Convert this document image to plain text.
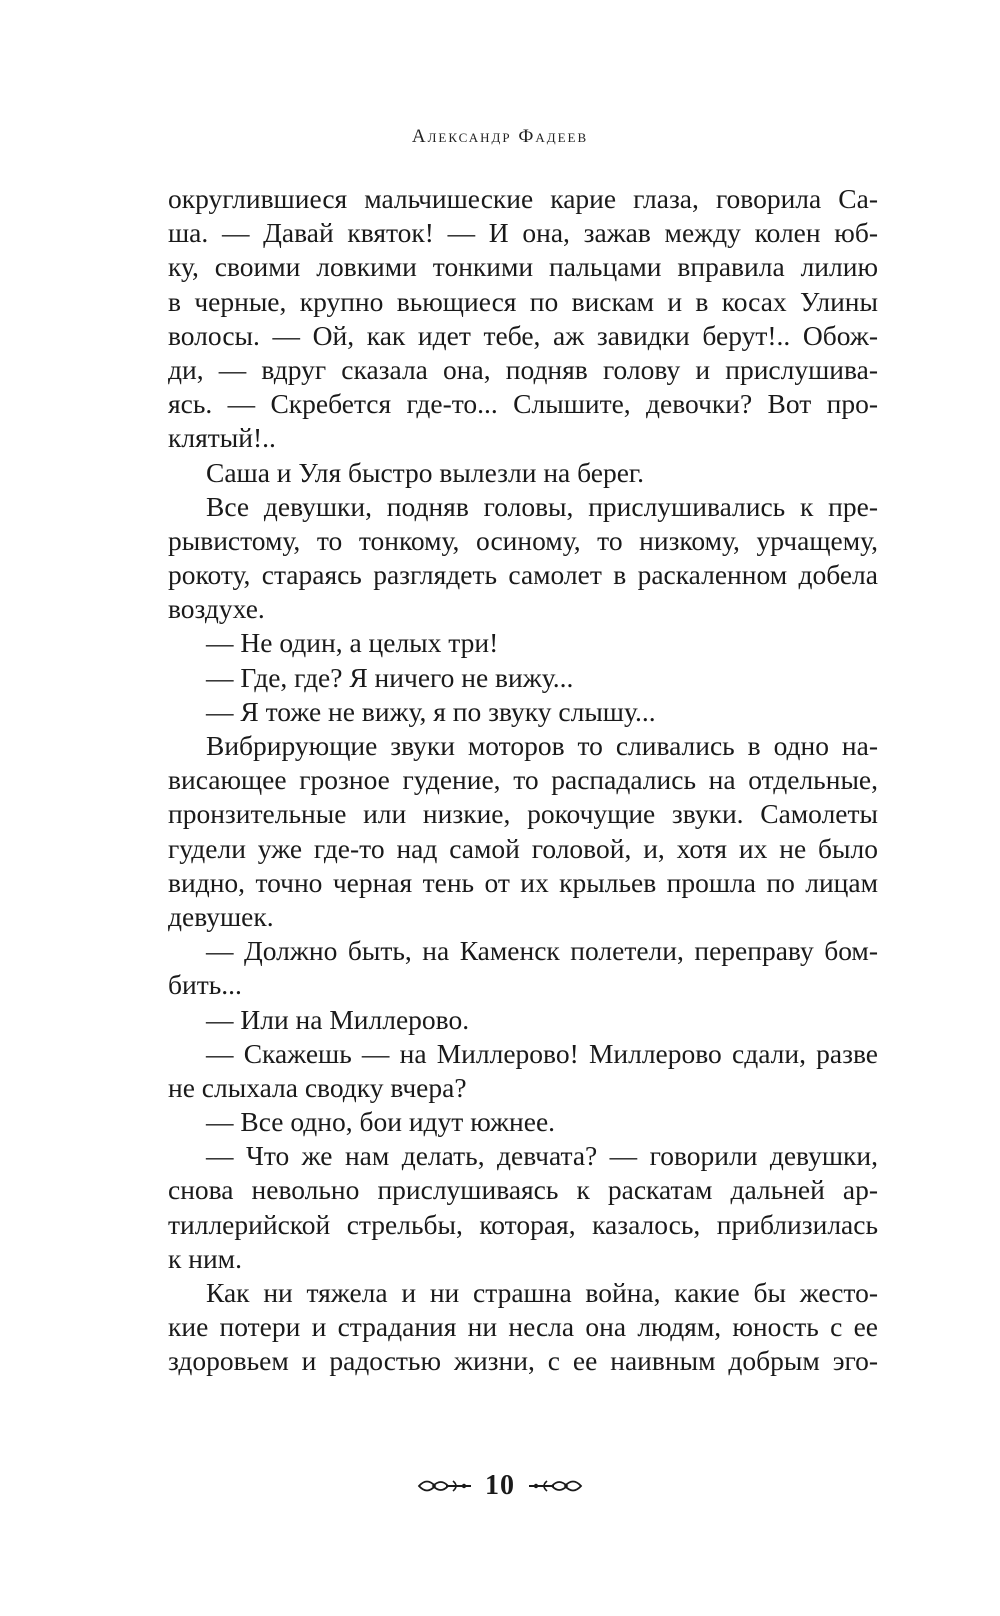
Александр Фадеев
округлившиеся мальчишеские карие глаза, говорила Са-
ша. — Давай квяток! — И она, зажав между колен юб-
ку, своими ловкими тонкими пальцами вправила лилию
в черные, крупно вьющиеся по вискам и в косах Улины
волосы. — Ой, как идет тебе, аж завидки берут!.. Обож-
ди, — вдруг сказала она, подняв голову и прислушива-
ясь. — Скребется где-то... Слышите, девочки? Вот про-
клятый!..
Саша и Уля быстро вылезли на берег.
Все девушки, подняв головы, прислушивались к пре-
рывистому, то тонкому, осиному, то низкому, урчащему,
рокоту, стараясь разглядеть самолет в раскаленном добела
воздухе.
— Не один, а целых три!
— Где, где? Я ничего не вижу...
— Я тоже не вижу, я по звуку слышу...
Вибрирующие звуки моторов то сливались в одно на-
висающее грозное гудение, то распадались на отдельные,
пронзительные или низкие, рокочущие звуки. Самолеты
гудели уже где-то над самой головой, и, хотя их не было
видно, точно черная тень от их крыльев прошла по лицам
девушек.
— Должно быть, на Каменск полетели, переправу бом-
бить...
— Или на Миллерово.
— Скажешь — на Миллерово! Миллерово сдали, разве
не слыхала сводку вчера?
— Все одно, бои идут южнее.
— Что же нам делать, девчата? — говорили девушки,
снова невольно прислушиваясь к раскатам дальней ар-
тиллерийской стрельбы, которая, казалось, приблизилась
к ним.
Как ни тяжела и ни страшна война, какие бы жесто-
кие потери и страдания ни несла она людям, юность с ее
здоровьем и радостью жизни, с ее наивным добрым эго-
10
